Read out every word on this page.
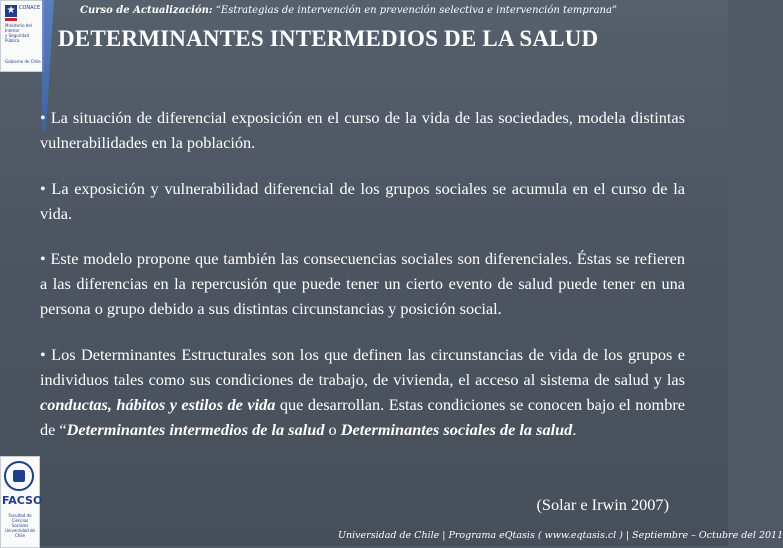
★ CONACE
Ministerio del Interior
y Seguridad Pública
Gobierno de Chile
Curso de Actualización: “Estrategias de intervención en prevención selectiva e intervención temprana”
DETERMINANTES INTERMEDIOS DE LA SALUD

• La situación de diferencial exposición en el curso de la vida de las sociedades, modela distintas vulnerabilidades en la población.

• La exposición y vulnerabilidad diferencial de los grupos sociales se acumula en el curso de la vida.

• Este modelo propone que también las consecuencias sociales son diferenciales. Éstas se refieren a las diferencias en la repercusión que puede tener un cierto evento de salud puede tener en una persona o grupo debido a sus distintas circunstancias y posición social.

• Los Determinantes Estructurales son los que definen las circunstancias de vida de los grupos e individuos tales como sus condiciones de trabajo, de vivienda, el acceso al sistema de salud y las conductas, hábitos y estilos de vida que desarrollan. Estas condiciones se conocen bajo el nombre de “Determinantes intermedios de la salud o Determinantes sociales de la salud.

(Solar e Irwin 2007)
FACSO
Facultad de Ciencias Sociales Universidad de Chile	Universidad de Chile | Programa eQtasis ( www.eqtasis.cl ) | Septiembre – Octubre del 2011
